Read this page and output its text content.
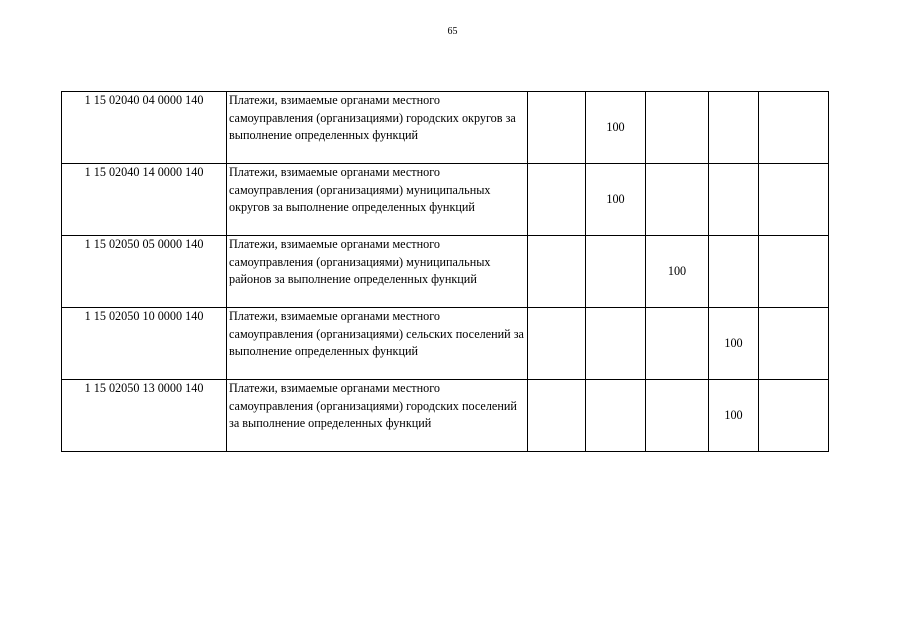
65
1 15 02040 04 0000 140	Платежи, взимаемые органами местного самоуправления (организациями) городских округов за выполнение определенных функций		100			
1 15 02040 14 0000 140	Платежи, взимаемые органами местного самоуправления (организациями) муниципальных округов за выполнение определенных функций		100			
1 15 02050 05 0000 140	Платежи, взимаемые органами местного самоуправления (организациями) муниципальных районов за выполнение определенных функций			100		
1 15 02050 10 0000 140	Платежи, взимаемые органами местного самоуправления (организациями) сельских поселений за выполнение определенных функций				100	
1 15 02050 13 0000 140	Платежи, взимаемые органами местного самоуправления (организациями) городских поселений за выполнение определенных функций				100	
